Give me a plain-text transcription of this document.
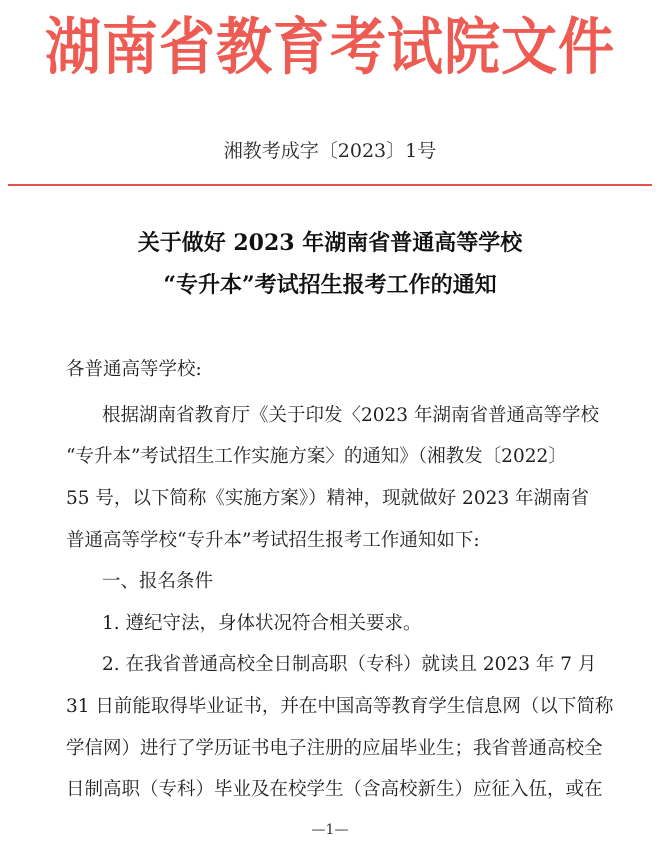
湖南省教育考试院文件
湘教考成字〔2023〕1号
关于做好 2023 年湖南省普通高等学校
“专升本”考试招生报考工作的通知
各普通高等学校:
根据湖南省教育厅《关于印发〈2023 年湖南省普通高等学校
“专升本”考试招生工作实施方案〉的通知》（湘教发〔2022〕
55 号，以下简称《实施方案》）精神，现就做好 2023 年湖南省
普通高等学校“专升本”考试招生报考工作通知如下:
一、报名条件
1. 遵纪守法，身体状况符合相关要求。
2. 在我省普通高校全日制高职（专科）就读且 2023 年 7 月
31 日前能取得毕业证书，并在中国高等教育学生信息网（以下简称
学信网）进行了学历证书电子注册的应届毕业生；我省普通高校全
日制高职（专科）毕业及在校学生（含高校新生）应征入伍，或在
—1—
